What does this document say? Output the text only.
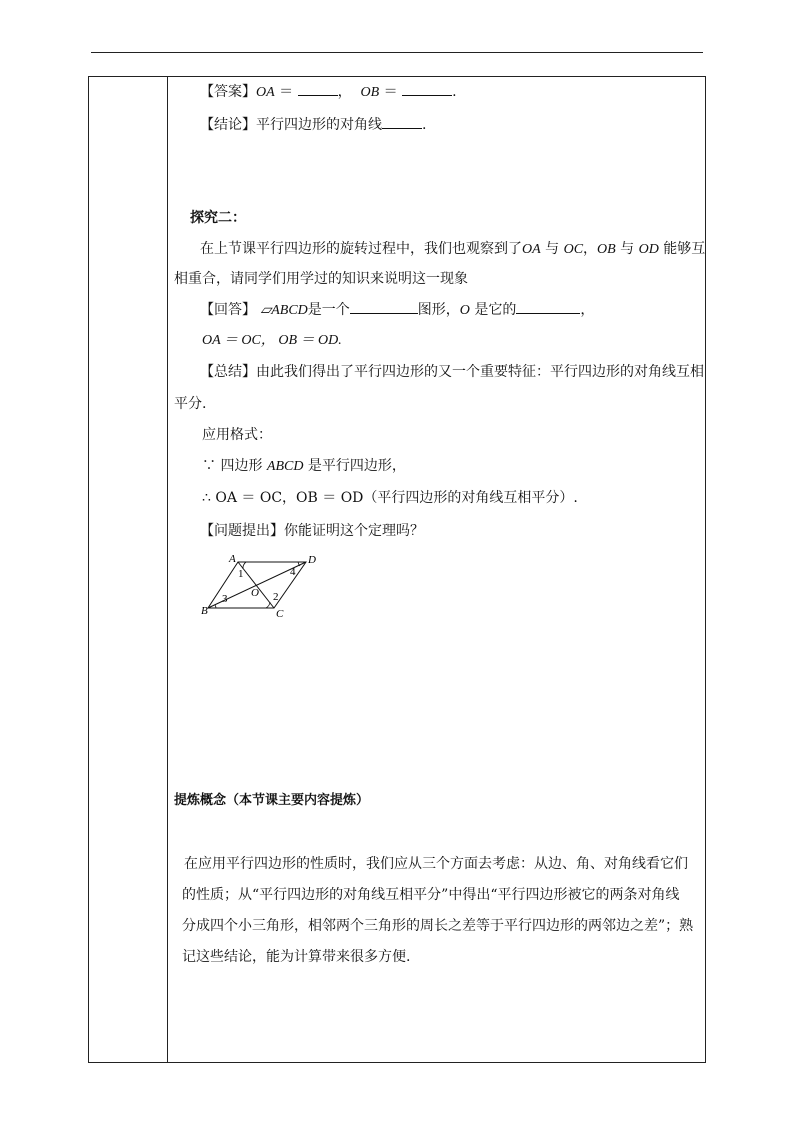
【答案】OA ＝	， OB ＝	.
【结论】平行四边形的对角线	.
探究二：
在上节课平行四边形的旋转过程中，我们也观察到了OA 与 OC，OB 与 OD 能够互
相重合，请同学们用学过的知识来说明这一现象
【回答】 ▱ABCD是一个	图形，O 是它的	，
OA ＝ OC， OB ＝ OD.
【总结】由此我们得出了平行四边形的又一个重要特征：平行四边形的对角线互相
平分.
应用格式：
∵ 四边形 ABCD 是平行四边形，
∴ OA ＝ OC，OB ＝ OD（平行四边形的对角线互相平分）.
【问题提出】你能证明这个定理吗？
A	D
B	C
O
1
2
3
4
提炼概念（本节课主要内容提炼）
在应用平行四边形的性质时，我们应从三个方面去考虑：从边、角、对角线看它们
的性质；从“平行四边形的对角线互相平分”中得出“平行四边形被它的两条对角线
分成四个小三角形，相邻两个三角形的周长之差等于平行四边形的两邻边之差”；熟
记这些结论，能为计算带来很多方便.
